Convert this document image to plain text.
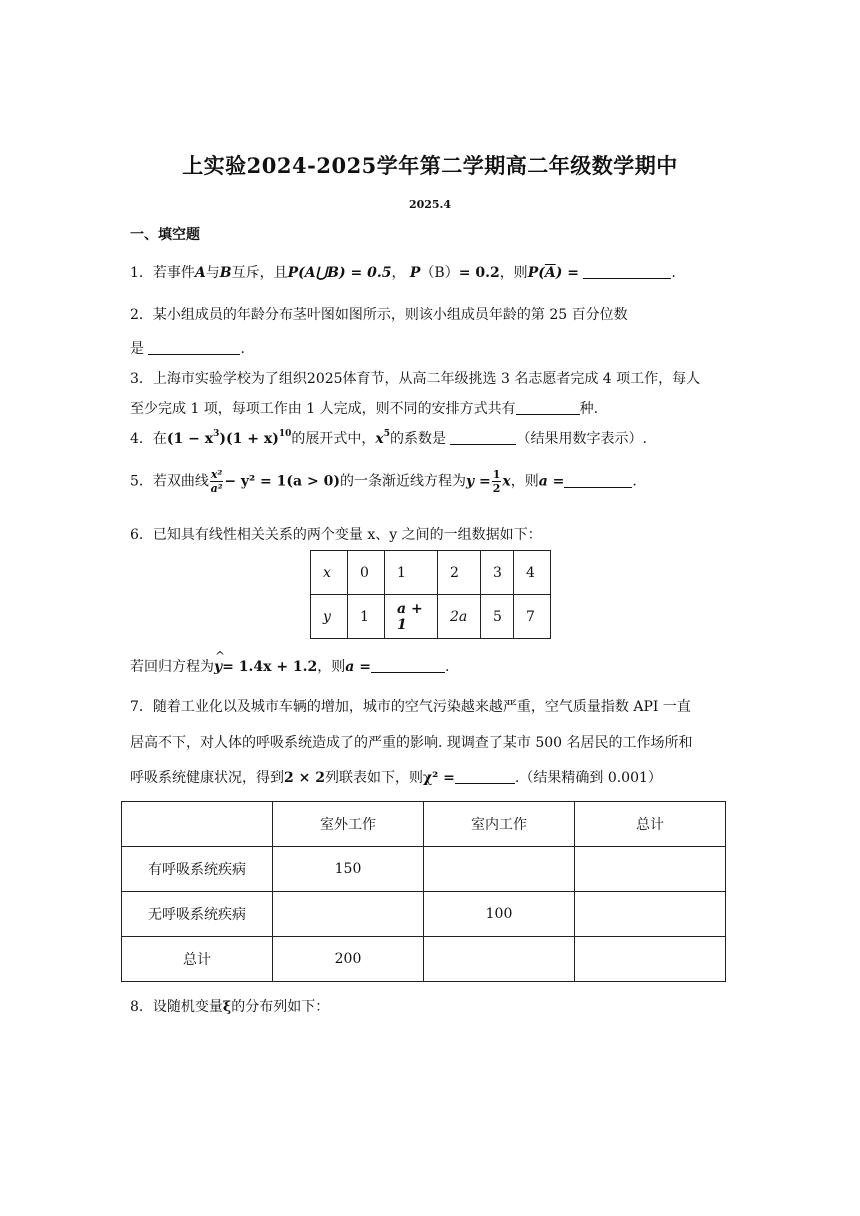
上实验2024-2025学年第二学期高二年级数学期中
2025.4
一、填空题
1．若事件A与B互斥，且P(A⋃B) = 0.5， P（B）= 0.2，则$P(\overline{A})$ =	.
2．某小组成员的年龄分布茎叶图如图所示，则该小组成员年龄的第 25 百分位数
是	.
3．上海市实验学校为了组织2025体育节，从高二年级挑选 3 名志愿者完成 4 项工作，每人
至少完成 1 项，每项工作由 1 人完成，则不同的安排方式共有	种.
4．在$(1 - x^3)(1 + x)^{10}$的展开式中，$x^5$的系数是	（结果用数字表示）.
5．若双曲线 $\frac{\text{x²}}{\text{a²}} - y^2 = 1(a > 0)$的一条渐近线方程为$y = \frac{1}{2}$ x，则a =	.
6．已知具有线性相关关系的两个变量 x、y 之间的一组数据如下：
x	0	1	2	3	4
y	1	a + 1	2a	5	7
若回归方程为^ y= 1.4x + 1.2，则a =	.
7．随着工业化以及城市车辆的增加，城市的空气污染越来越严重，空气质量指数 API 一直
居高不下，对人体的呼吸系统造成了的严重的影响. 现调查了某市 500 名居民的工作场所和
呼吸系统健康状况，得到2 × 2列联表如下，则χ² =	.（结果精确到 0.001）
	室外工作	室内工作	总计
有呼吸系统疾病	150		
无呼吸系统疾病		100	
总计	200		
8．设随机变量ξ的分布列如下：
